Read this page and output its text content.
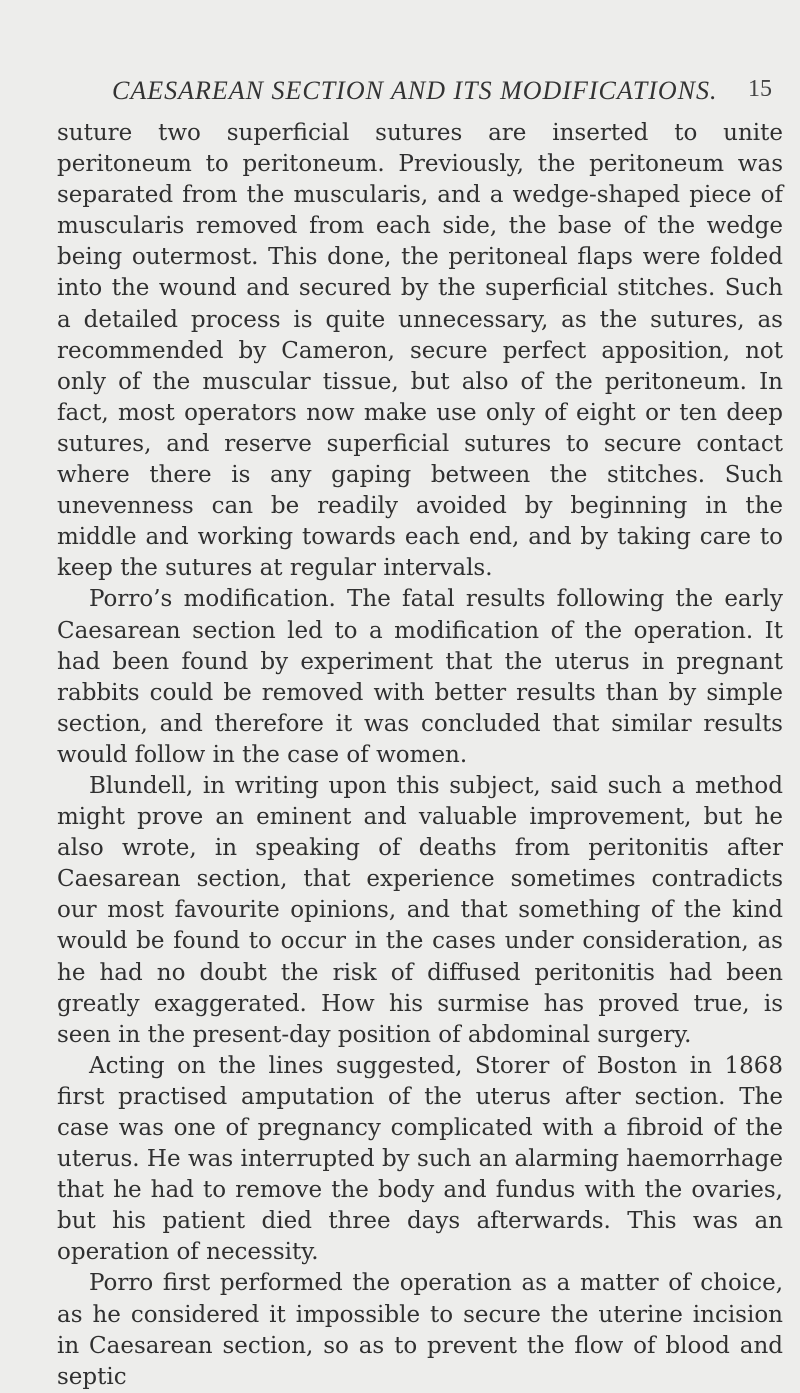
CAESAREAN SECTION AND ITS MODIFICATIONS. 15

suture two superficial sutures are inserted to unite peritoneum to peritoneum. Previously, the peritoneum was separated from the muscularis, and a wedge-shaped piece of muscularis removed from each side, the base of the wedge being outermost. This done, the peritoneal flaps were folded into the wound and secured by the superficial stitches. Such a detailed process is quite unnecessary, as the sutures, as recommended by Cameron, secure perfect apposition, not only of the muscular tissue, but also of the peritoneum. In fact, most operators now make use only of eight or ten deep sutures, and reserve superficial sutures to secure contact where there is any gaping between the stitches. Such unevenness can be readily avoided by beginning in the middle and working towards each end, and by taking care to keep the sutures at regular intervals.

Porro’s modification. The fatal results following the early Caesarean section led to a modification of the operation. It had been found by experiment that the uterus in pregnant rabbits could be removed with better results than by simple section, and therefore it was concluded that similar results would follow in the case of women.

Blundell, in writing upon this subject, said such a method might prove an eminent and valuable improvement, but he also wrote, in speaking of deaths from peritonitis after Caesarean section, that experience sometimes contradicts our most favourite opinions, and that something of the kind would be found to occur in the cases under consideration, as he had no doubt the risk of diffused peritonitis had been greatly exaggerated. How his surmise has proved true, is seen in the present-day position of abdominal surgery.

Acting on the lines suggested, Storer of Boston in 1868 first practised amputation of the uterus after section. The case was one of pregnancy complicated with a fibroid of the uterus. He was interrupted by such an alarming haemorrhage that he had to remove the body and fundus with the ovaries, but his patient died three days afterwards. This was an operation of necessity.

Porro first performed the operation as a matter of choice, as he considered it impossible to secure the uterine incision in Caesarean section, so as to prevent the flow of blood and septic
